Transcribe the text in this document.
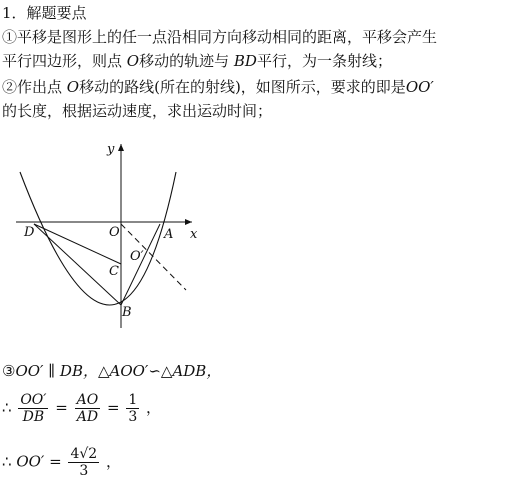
1．解题要点
①平移是图形上的任一点沿相同方向移动相同的距离，平移会产生
平行四边形，则点 O移动的轨迹与 BD平行，为一条射线；
②作出点 O移动的路线(所在的射线)，如图所示，要求的即是OO′
的长度，根据运动速度，求出运动时间；
y
x
D	O	A
O′
C
B
③OO′ ∥ DB，△AOO′∽△ADB，
∴ $\frac{OO'}{DB} = \frac{AO}{AD} = \frac{1}{3}$ ，
∴ $OO' = \frac{4√2}{3}$ ，
